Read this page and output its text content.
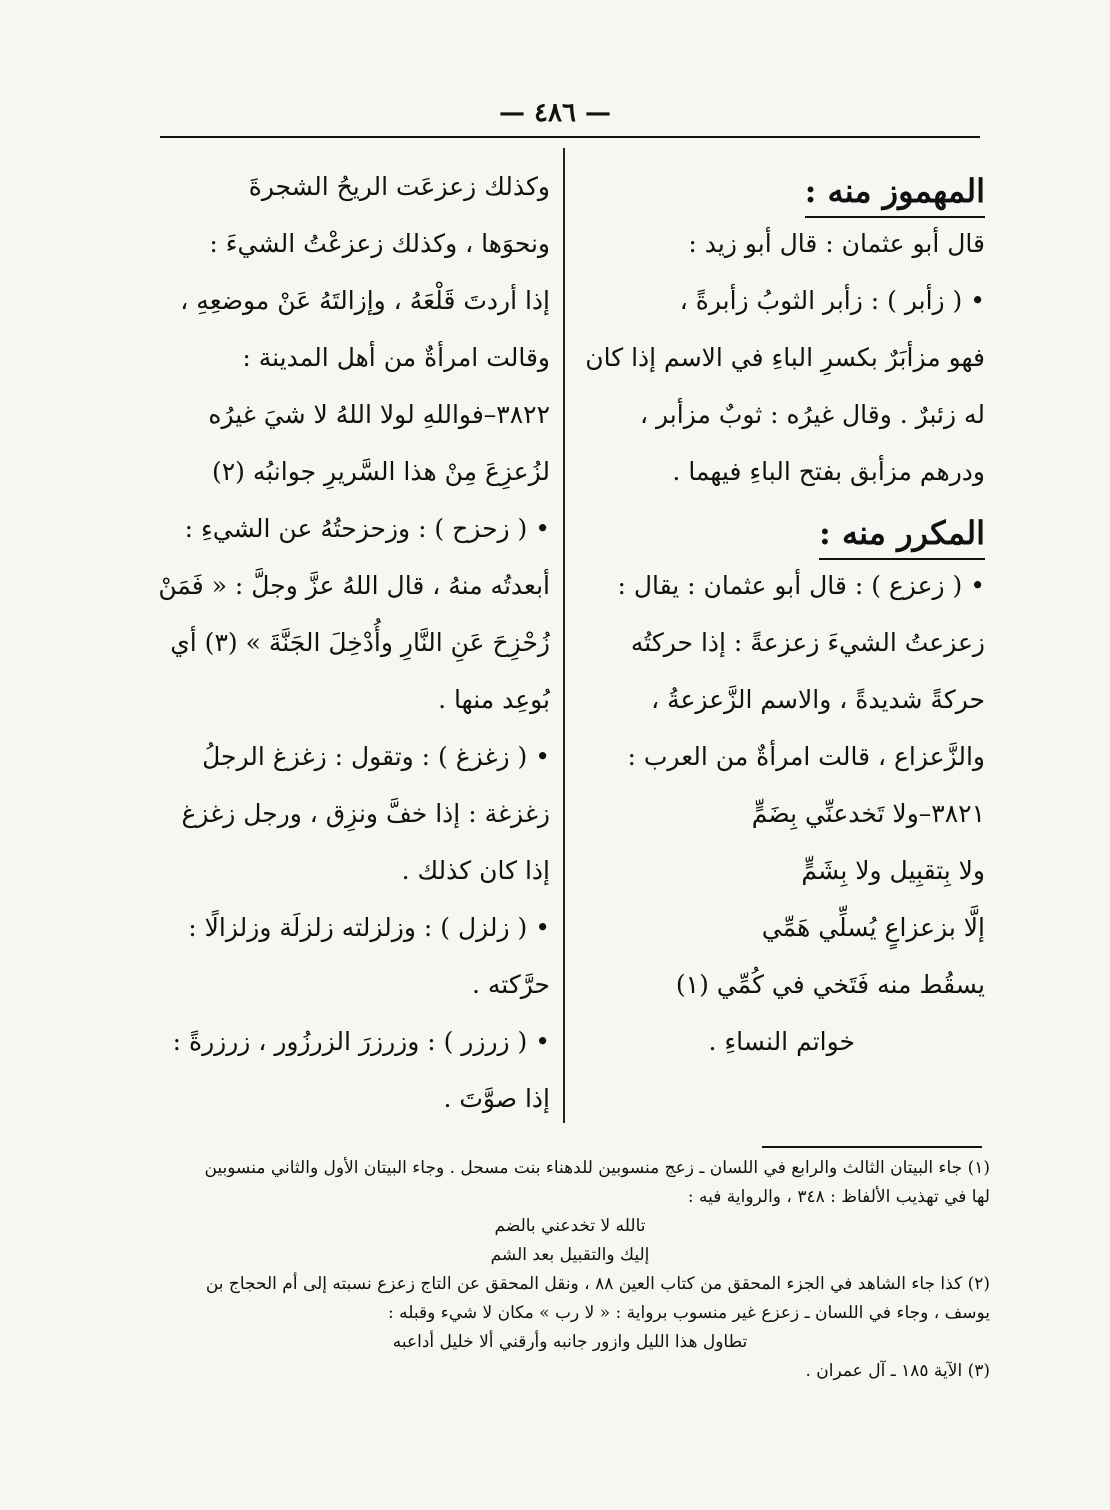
— ٤٨٦ —
المهموز منه :
قال أبو عثمان : قال أبو زيد :
• ( زأبر ) : زأبر الثوبُ زأبرةً ،
فهو مزأبَرٌ بكسرِ الباءِ في الاسم إذا كان
له زئبرٌ . وقال غيرُه : ثوبٌ مزأبر ،
ودرهم مزأبق بفتح الباءِ فيهما .
المكرر منه :
• ( زعزع ) : قال أبو عثمان : يقال :
زعزعتُ الشيءَ زعزعةً : إذا حركتُه
حركةً شديدةً ، والاسم الزَّعزعةُ ،
والزَّعزاع ، قالت امرأةٌ من العرب :
٣٨٢١–ولا تَخدعنِّي بِضَمٍّ
ولا بِتقبِيل ولا بِشَمٍّ
إلَّا بزعزاعٍ يُسلِّي هَمِّي
يسقُط منه فَتَخي في كُمِّي (١)
خواتم النساءِ .
وكذلك زعزعَت الريحُ الشجرةَ
ونحوَها ، وكذلك زعزعْتُ الشيءَ :
إذا أردتَ قَلْعَهُ ، وإزالتَهُ عَنْ موضعِهِ ،
وقالت امرأةٌ من أهل المدينة :
٣٨٢٢–فواللهِ لولا اللهُ لا شيَ غيرُه
لزُعزِعَ مِنْ هذا السَّريرِ جوانبُه (٢)
• ( زحزح ) : وزحزحتُهُ عن الشيءِ :
أبعدتُه منهُ ، قال اللهُ عزَّ وجلَّ : « فَمَنْ
زُحْزِحَ عَنِ النَّارِ وأُدْخِلَ الجَنَّةَ » (٣) أي
بُوعِد منها .
• ( زغزغ ) : وتقول : زغزغ الرجلُ
زغزغة : إذا خفَّ ونزِق ، ورجل زغزغ
إذا كان كذلك .
• ( زلزل ) : وزلزلته زلزلَة وزلزالًا :
حرَّكته .
• ( زرزر ) : وزرزرَ الزرزُور ، زرزرةً :
إذا صوَّتَ .
(١) جاء البيتان الثالث والرابع في اللسان ـ زعج منسوبين للدهناء بنت مسحل . وجاء البيتان الأول والثاني منسوبين
لها في تهذيب الألفاظ : ٣٤٨ ، والرواية فيه :
تالله لا تخدعني بالضم
إليك والتقبيل بعد الشم
(٢) كذا جاء الشاهد في الجزء المحقق من كتاب العين ٨٨ ، ونقل المحقق عن التاج زعزع نسبته إلى أم الحجاج بن
يوسف ، وجاء في اللسان ـ زعزع غير منسوب برواية : « لا رب » مكان لا شيء وقبله :
تطاول هذا الليل وازور جانبه وأرقني ألا خليل أداعبه
(٣) الآية ١٨٥ ـ آل عمران .
